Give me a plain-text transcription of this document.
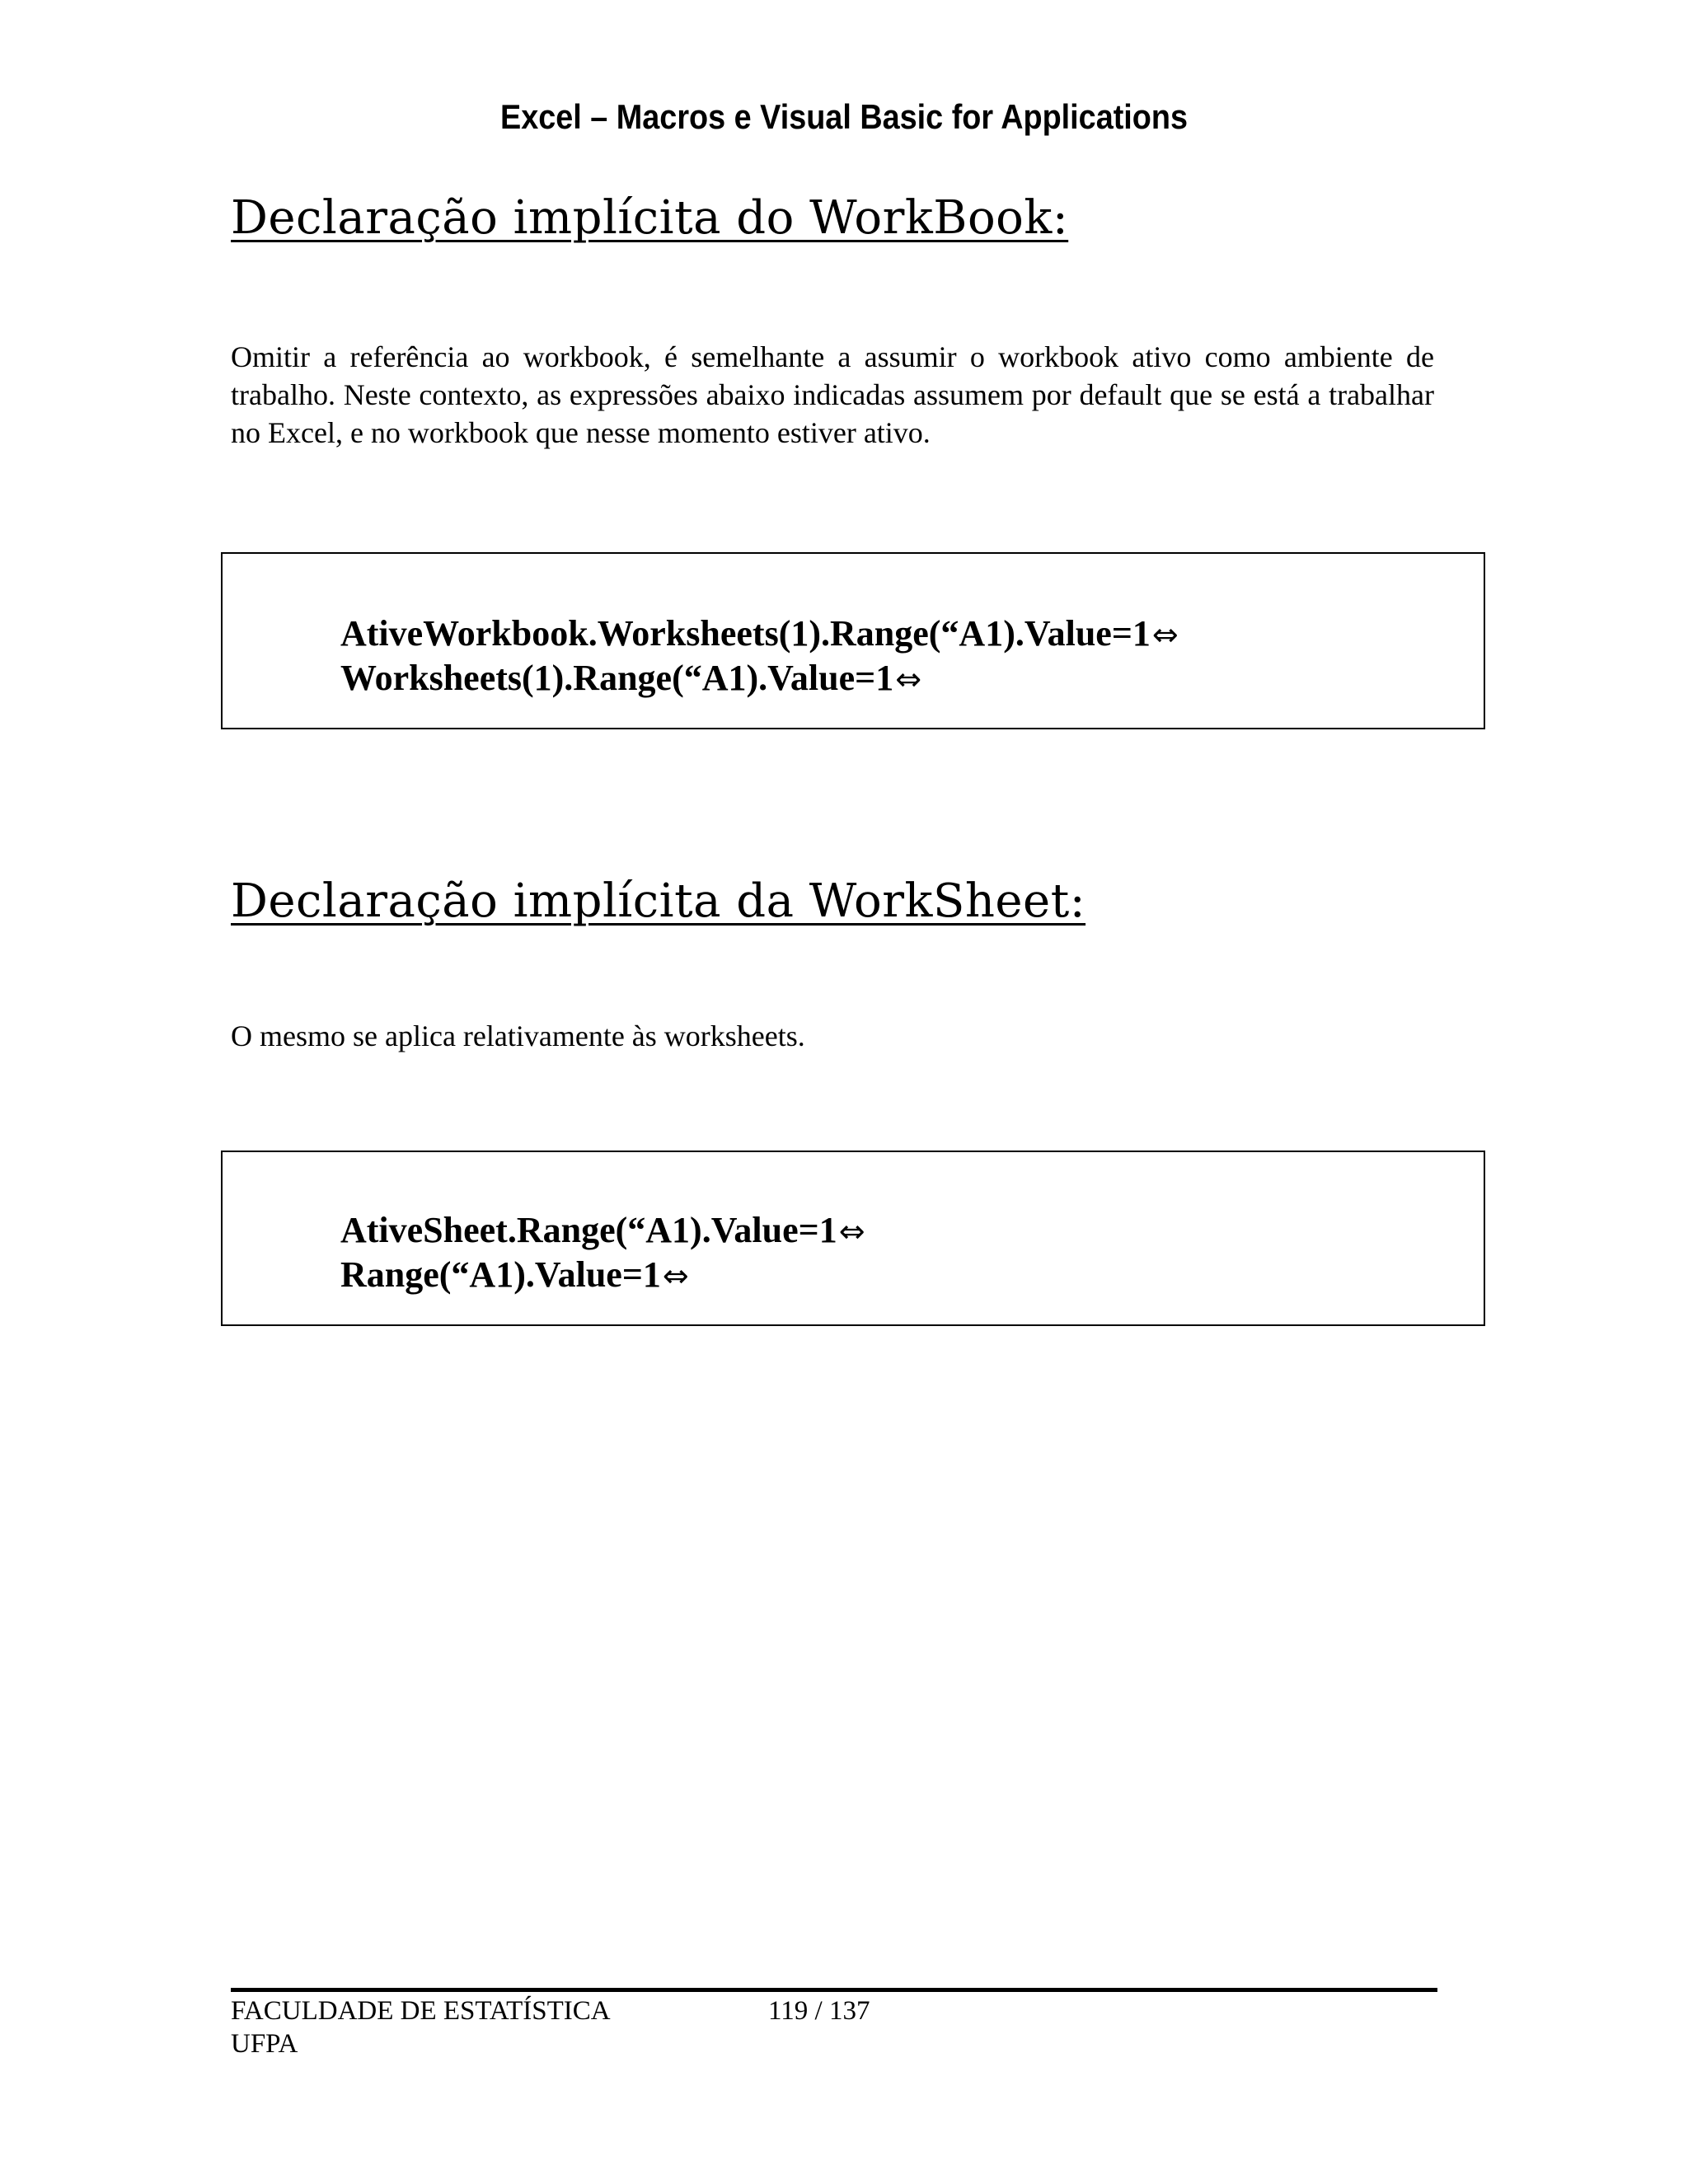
Excel – Macros e Visual Basic for Applications
Declaração implícita do WorkBook:

Omitir a referência ao workbook, é semelhante a assumir o workbook ativo como ambiente de trabalho. Neste contexto, as expressões abaixo indicadas assumem por default que se está a trabalhar no Excel, e no workbook que nesse momento estiver ativo.

AtiveWorkbook.Worksheets(1).Range(“A1).Value=1⇔

Worksheets(1).Range(“A1).Value=1⇔

Declaração implícita da WorkSheet:

O mesmo se aplica relativamente às worksheets.

AtiveSheet.Range(“A1).Value=1⇔

Range(“A1).Value=1⇔

FACULDADE DE ESTATÍSTICA

UFPA

119 / 137
